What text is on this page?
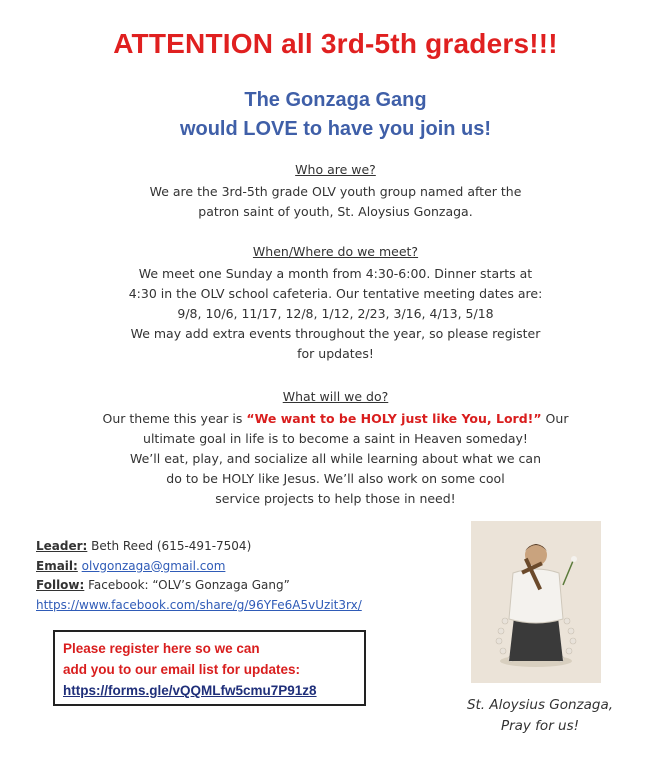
ATTENTION all 3rd-5th graders!!!
The Gonzaga Gang
would LOVE to have you join us!
Who are we?
We are the 3rd-5th grade OLV youth group named after the
patron saint of youth, St. Aloysius Gonzaga.
When/Where do we meet?
We meet one Sunday a month from 4:30-6:00. Dinner starts at
4:30 in the OLV school cafeteria. Our tentative meeting dates are:
9/8, 10/6, 11/17, 12/8, 1/12, 2/23, 3/16, 4/13, 5/18
We may add extra events throughout the year, so please register
for updates!
What will we do?
Our theme this year is “We want to be HOLY just like You, Lord!” Our
ultimate goal in life is to become a saint in Heaven someday!
We’ll eat, play, and socialize all while learning about what we can
do to be HOLY like Jesus. We’ll also work on some cool
service projects to help those in need!
Leader: Beth Reed (615-491-7504)
Email: olvgonzaga@gmail.com
Follow: Facebook: “OLV’s Gonzaga Gang”
https://www.facebook.com/share/g/96YFe6A5vUzit3rx/
Please register here so we can
add you to our email list for updates:
https://forms.gle/vQQMLfw5cmu7P91z8
St. Aloysius Gonzaga,
Pray for us!
